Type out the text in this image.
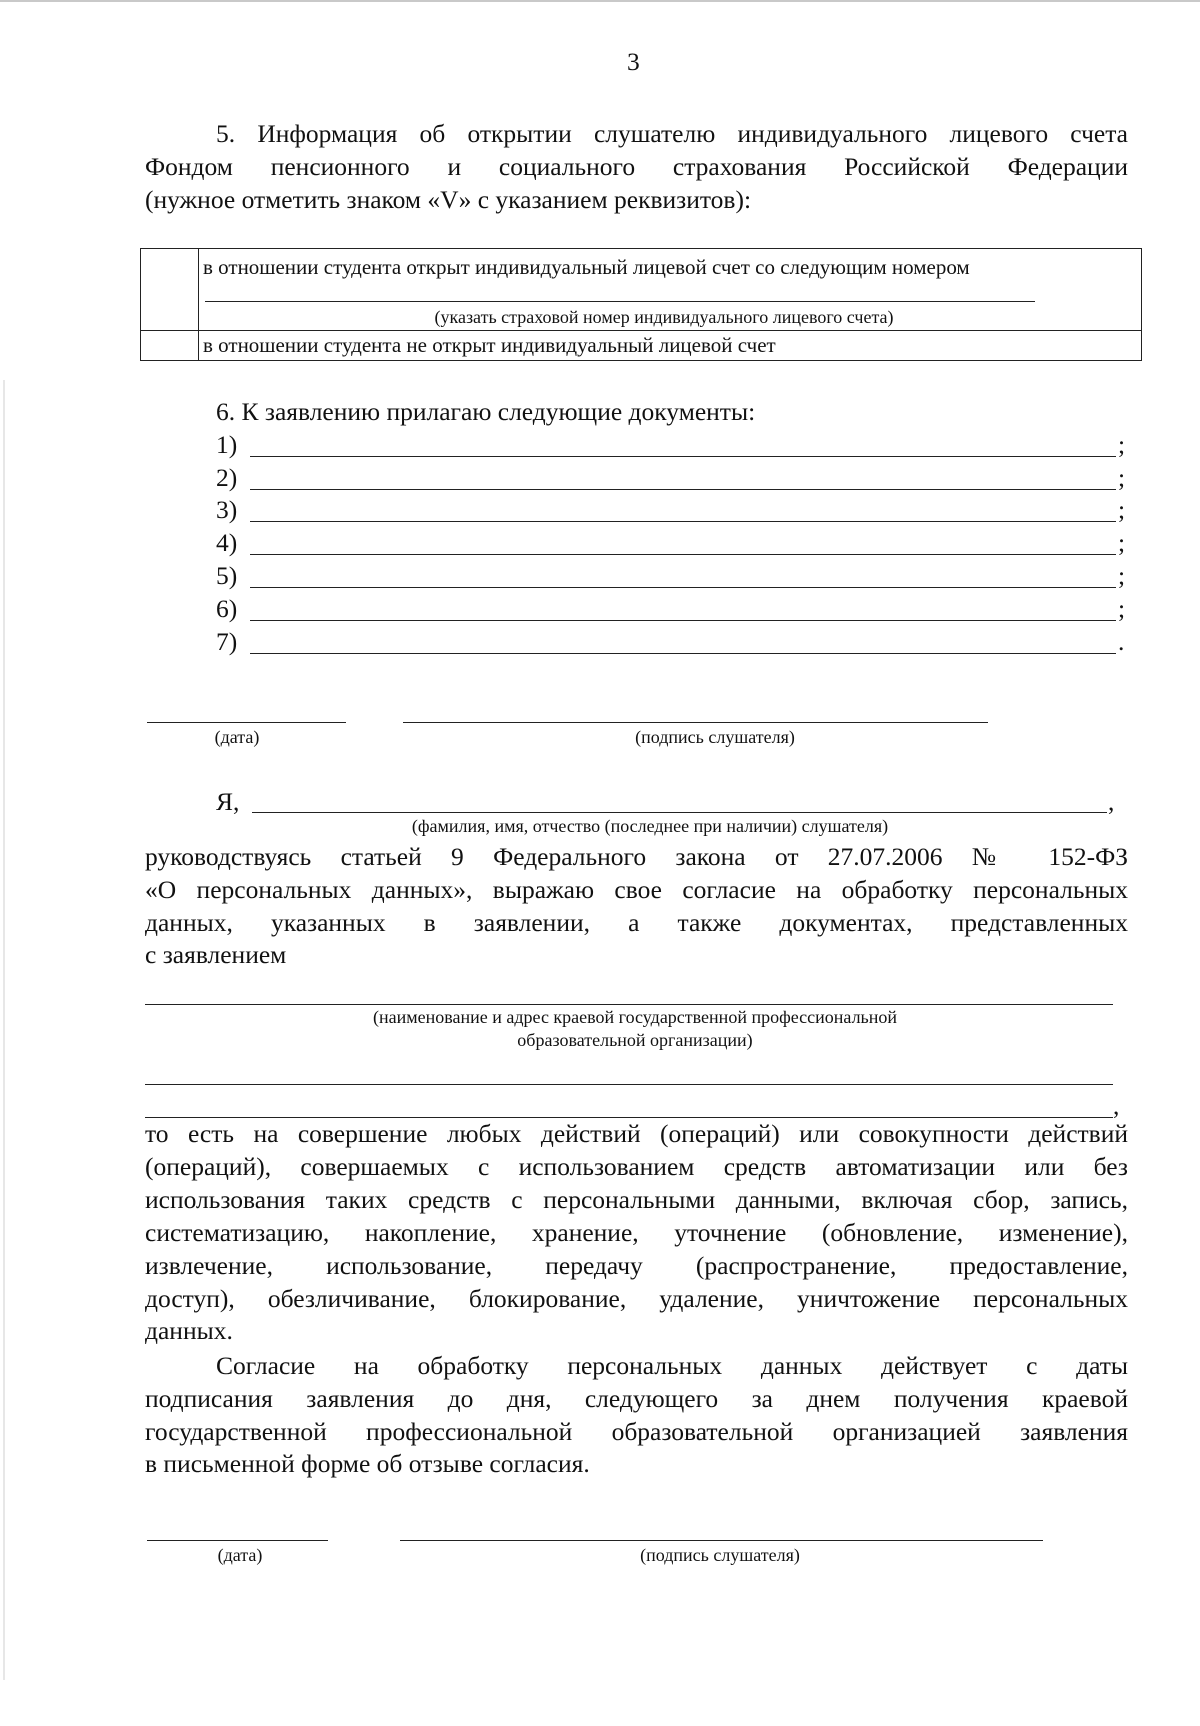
3
5. Информация об открытии слушателю индивидуального лицевого счета
Фондом пенсионного и социального страхования Российской Федерации
(нужное отметить знаком «V» с указанием реквизитов):
в отношении студента открыт индивидуальный лицевой счет со следующим номером
(указать страховой номер индивидуального лицевого счета)
в отношении студента не открыт индивидуальный лицевой счет
6. К заявлению прилагаю следующие документы:
1)	;
2)	;
3)	;
4)	;
5)	;
6)	;
7)	.
(дата)	(подпись слушателя)
Я,	,
(фамилия, имя, отчество (последнее при наличии) слушателя)
руководствуясь статьей 9 Федерального закона от 27.07.2006 № 152-ФЗ
«О персональных данных», выражаю свое согласие на обработку персональных
данных, указанных в заявлении, а также документах, представленных
с заявлением
(наименование и адрес краевой государственной профессиональной
образовательной организации)
,
то есть на совершение любых действий (операций) или совокупности действий
(операций), совершаемых с использованием средств автоматизации или без
использования таких средств с персональными данными, включая сбор, запись,
систематизацию, накопление, хранение, уточнение (обновление, изменение),
извлечение, использование, передачу (распространение, предоставление,
доступ), обезличивание, блокирование, удаление, уничтожение персональных
данных.
Согласие на обработку персональных данных действует с даты
подписания заявления до дня, следующего за днем получения краевой
государственной профессиональной образовательной организацией заявления
в письменной форме об отзыве согласия.
(дата)	(подпись слушателя)
